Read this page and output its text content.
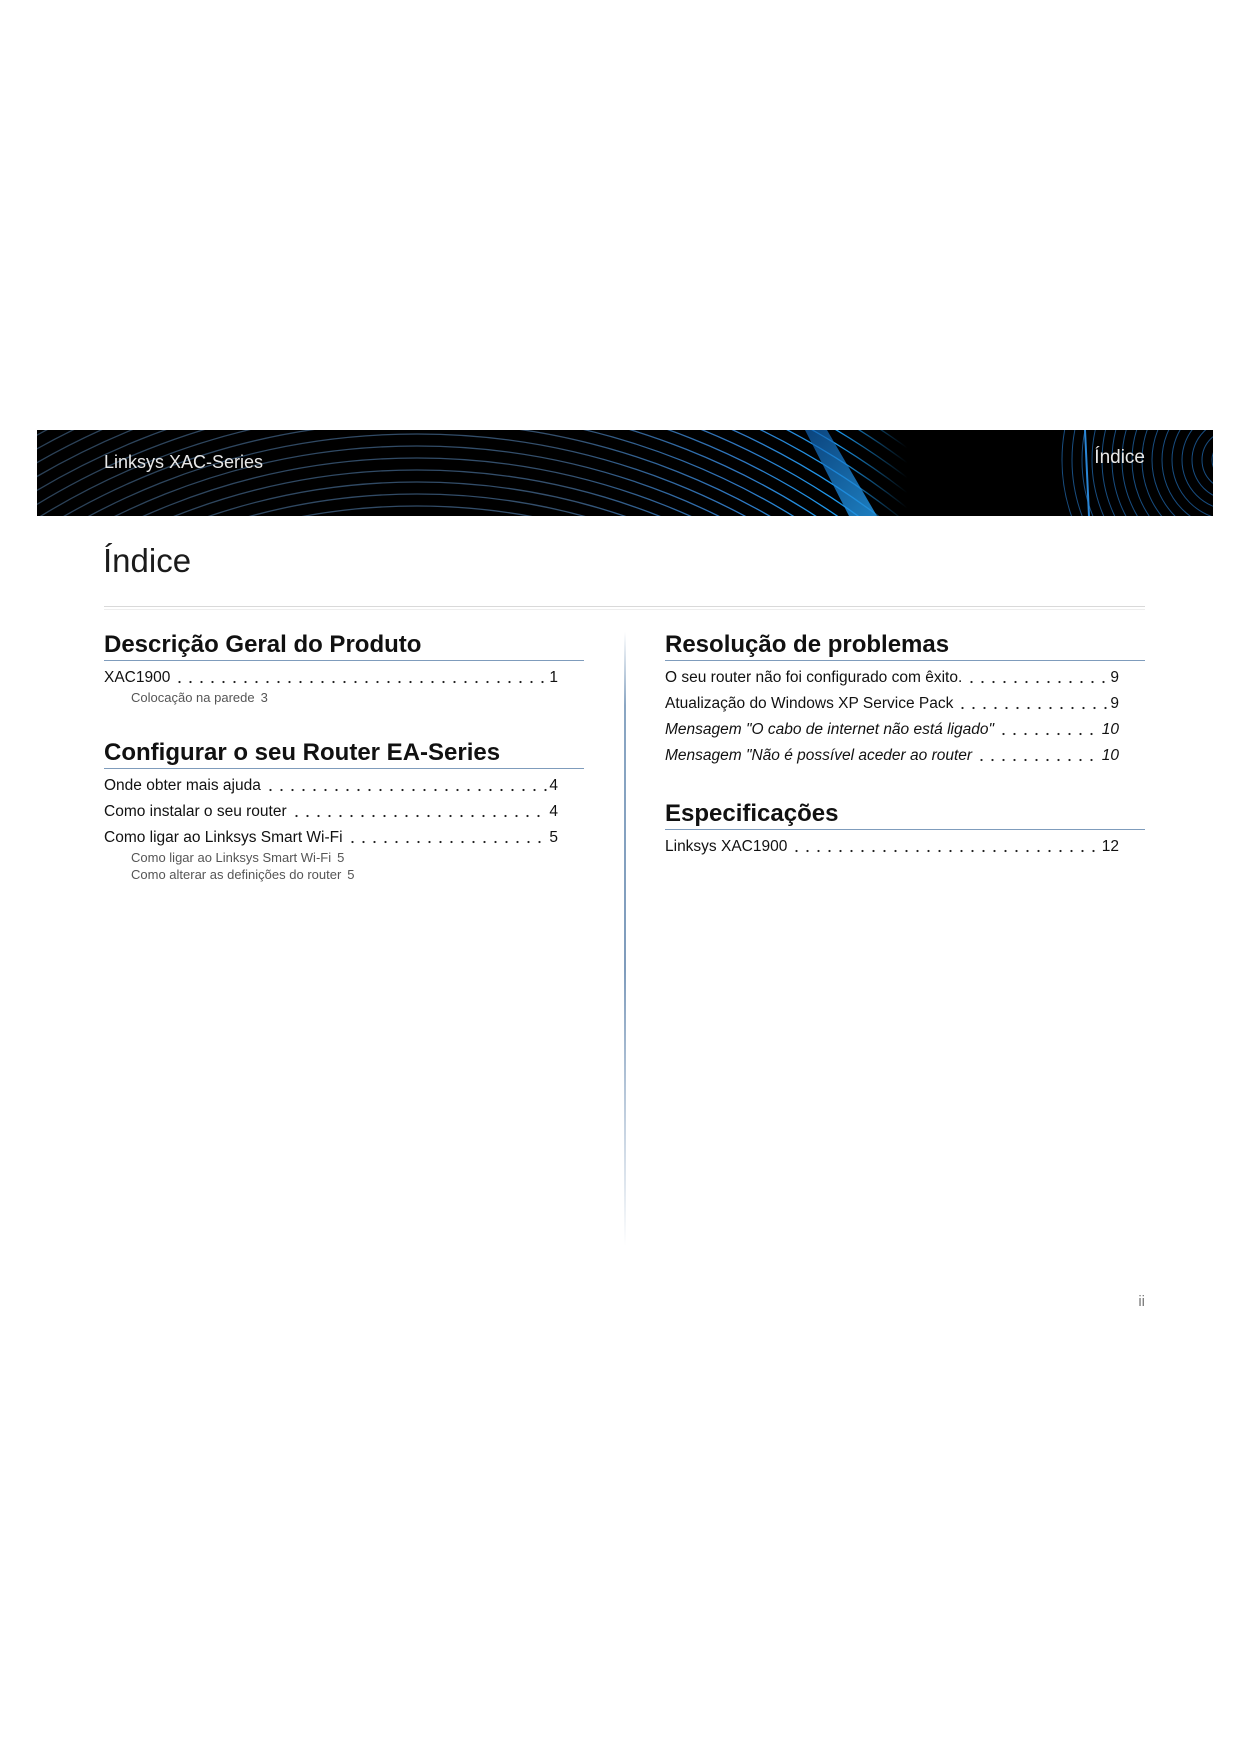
Linksys XAC-Series	Índice
Índice
Descrição Geral do Produto
XAC1900	1
Colocação na parede 3
Configurar o seu Router EA-Series
Onde obter mais ajuda	4
Como instalar o seu router	4
Como ligar ao Linksys Smart Wi-Fi	5
Como ligar ao Linksys Smart Wi-Fi 5
Como alterar as definições do router 5
Resolução de problemas
O seu router não foi configurado com êxito.	9
Atualização do Windows XP Service Pack	9
Mensagem "O cabo de internet não está ligado"	10
Mensagem "Não é possível aceder ao router	10
Especificações
Linksys XAC1900	12
ii
